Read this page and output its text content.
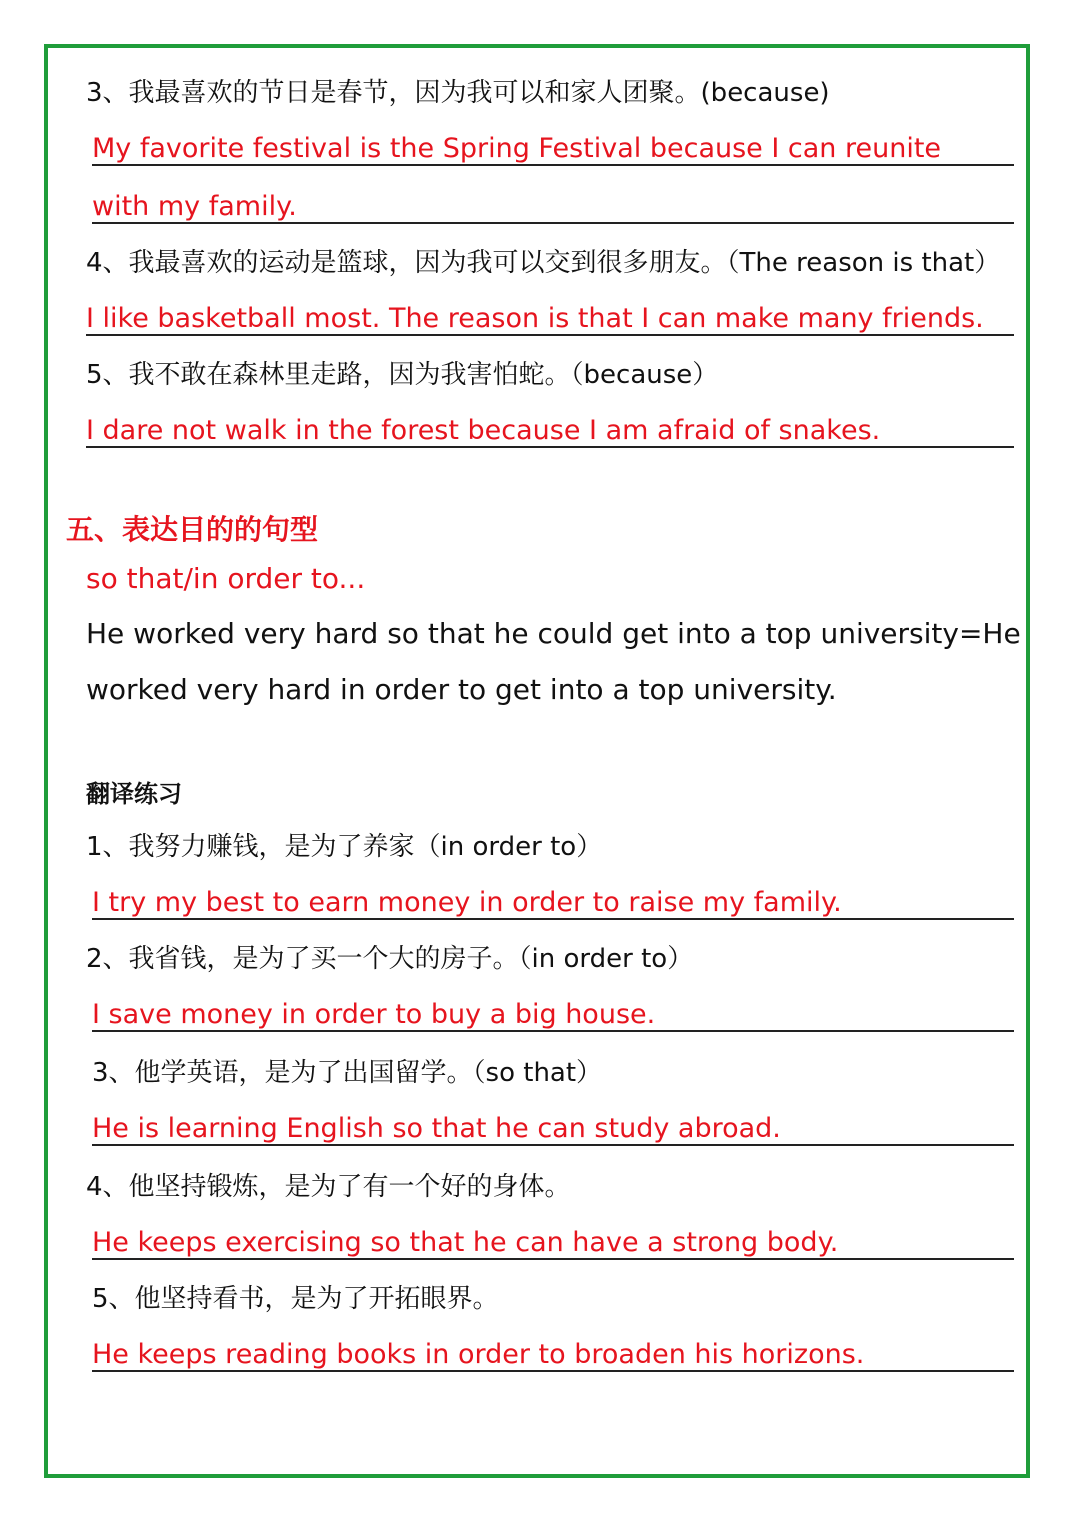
3、我最喜欢的节日是春节，因为我可以和家人团聚。(because)
My favorite festival is the Spring Festival because I can reunite
with my family.
4、我最喜欢的运动是篮球，因为我可以交到很多朋友。（The reason is that）
I like basketball most. The reason is that I can make many friends.
5、我不敢在森林里走路，因为我害怕蛇。（because）
I dare not walk in the forest because I am afraid of snakes.
五、表达目的的句型
so that/in order to...
He worked very hard so that he could get into a top university=He
worked very hard in order to get into a top university.
翻译练习
1、我努力赚钱，是为了养家（in order to）
I try my best to earn money in order to raise my family.
2、我省钱，是为了买一个大的房子。（in order to）
I save money in order to buy a big house.
3、他学英语，是为了出国留学。（so that）
He is learning English so that he can study abroad.
4、他坚持锻炼，是为了有一个好的身体。
He keeps exercising so that he can have a strong body.
5、他坚持看书，是为了开拓眼界。
He keeps reading books in order to broaden his horizons.
